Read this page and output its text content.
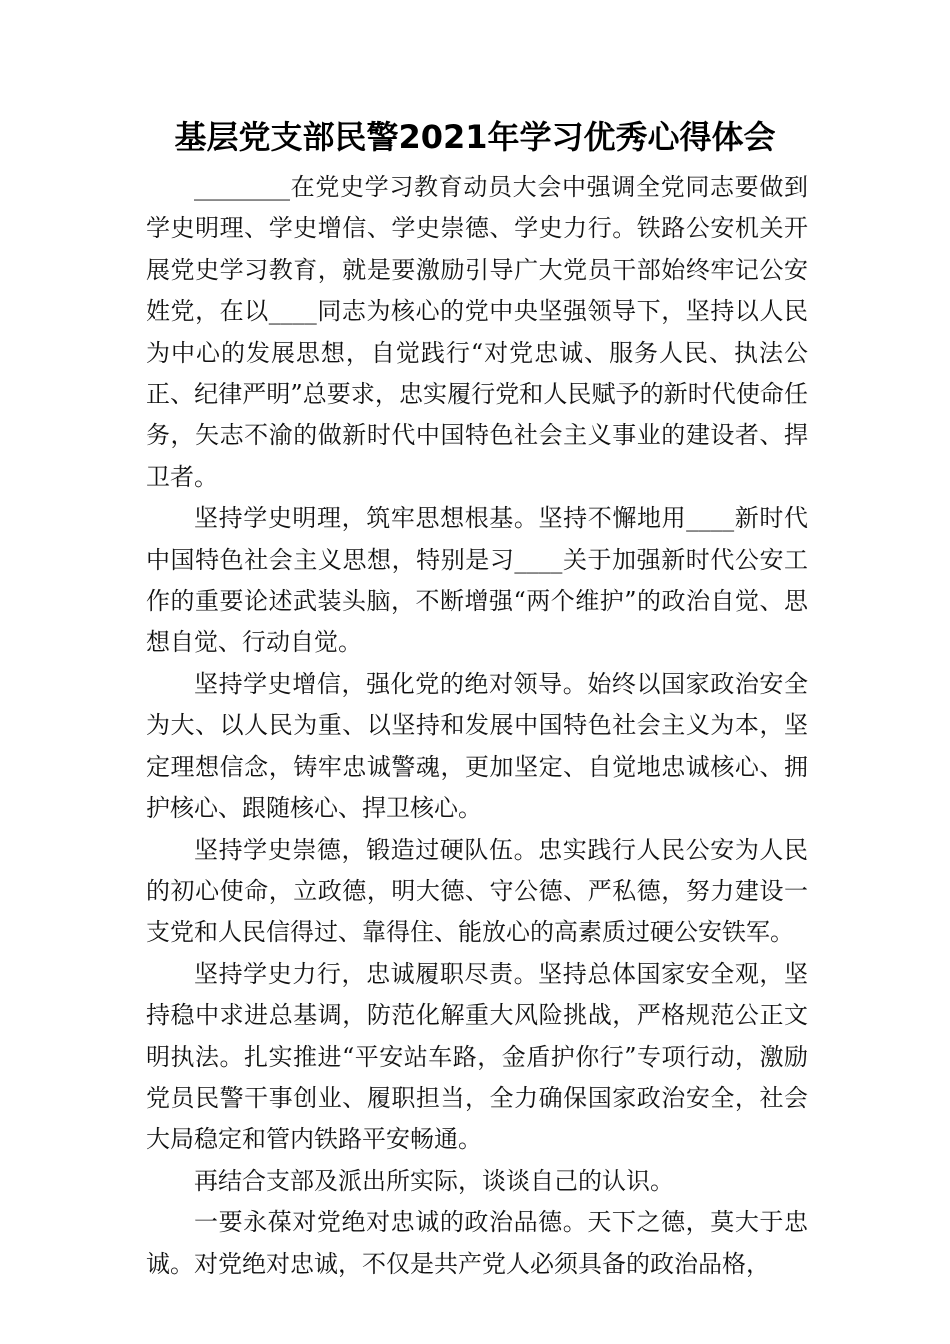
基层党支部民警2021年学习优秀心得体会

________在党史学习教育动员大会中强调全党同志要做到学史明理、学史增信、学史崇德、学史力行。铁路公安机关开展党史学习教育，就是要激励引导广大党员干部始终牢记公安姓党，在以____同志为核心的党中央坚强领导下，坚持以人民为中心的发展思想，自觉践行“对党忠诚、服务人民、执法公正、纪律严明”总要求，忠实履行党和人民赋予的新时代使命任务，矢志不渝的做新时代中国特色社会主义事业的建设者、捍卫者。

坚持学史明理，筑牢思想根基。坚持不懈地用____新时代中国特色社会主义思想，特别是习____关于加强新时代公安工作的重要论述武装头脑，不断增强“两个维护”的政治自觉、思想自觉、行动自觉。

坚持学史增信，强化党的绝对领导。始终以国家政治安全为大、以人民为重、以坚持和发展中国特色社会主义为本，坚定理想信念，铸牢忠诚警魂，更加坚定、自觉地忠诚核心、拥护核心、跟随核心、捍卫核心。

坚持学史崇德，锻造过硬队伍。忠实践行人民公安为人民的初心使命，立政德，明大德、守公德、严私德，努力建设一支党和人民信得过、靠得住、能放心的高素质过硬公安铁军。

坚持学史力行，忠诚履职尽责。坚持总体国家安全观，坚持稳中求进总基调，防范化解重大风险挑战，严格规范公正文明执法。扎实推进“平安站车路，金盾护你行”专项行动，激励党员民警干事创业、履职担当，全力确保国家政治安全，社会大局稳定和管内铁路平安畅通。

再结合支部及派出所实际，谈谈自己的认识。

一要永葆对党绝对忠诚的政治品德。天下之德，莫大于忠诚。对党绝对忠诚，不仅是共产党人必须具备的政治品格，
